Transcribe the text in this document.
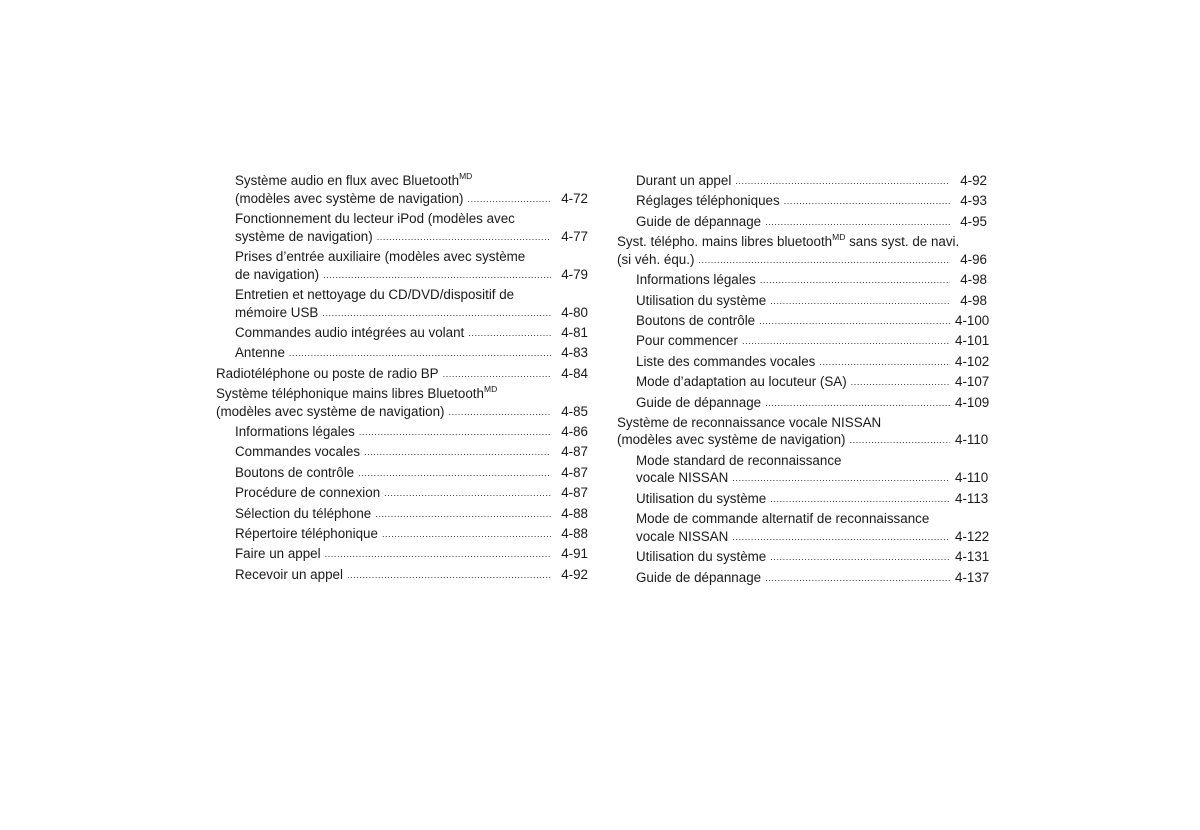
Système audio en flux avec Bluetooth$^{MD}$
(modèles avec système de navigation) .....	4-72
Fonctionnement du lecteur iPod (modèles avec
système de navigation) .....	4-77
Prises d’entrée auxiliaire (modèles avec système
de navigation) .....	4-79
Entretien et nettoyage du CD/DVD/dispositif de
mémoire USB .....	4-80
Commandes audio intégrées au volant .....	4-81
Antenne .....	4-83
Radiotéléphone ou poste de radio BP .....	4-84
Système téléphonique mains libres Bluetooth$^{MD}$
(modèles avec système de navigation) .....	4-85
Informations légales .....	4-86
Commandes vocales .....	4-87
Boutons de contrôle .....	4-87
Procédure de connexion .....	4-87
Sélection du téléphone .....	4-88
Répertoire téléphonique .....	4-88
Faire un appel .....	4-91
Recevoir un appel .....	4-92
Durant un appel .....	4-92
Réglages téléphoniques .....	4-93
Guide de dépannage .....	4-95
Syst. télépho. mains libres bluetooth$^{MD}$ sans syst. de navi.
(si véh. équ.) .....	4-96
Informations légales .....	4-98
Utilisation du système .....	4-98
Boutons de contrôle .....	4-100
Pour commencer .....	4-101
Liste des commandes vocales .....	4-102
Mode d’adaptation au locuteur (SA) .....	4-107
Guide de dépannage .....	4-109
Système de reconnaissance vocale NISSAN
(modèles avec système de navigation) .....	4-110
Mode standard de reconnaissance
vocale NISSAN .....	4-110
Utilisation du système .....	4-113
Mode de commande alternatif de reconnaissance
vocale NISSAN .....	4-122
Utilisation du système .....	4-131
Guide de dépannage .....	4-137
